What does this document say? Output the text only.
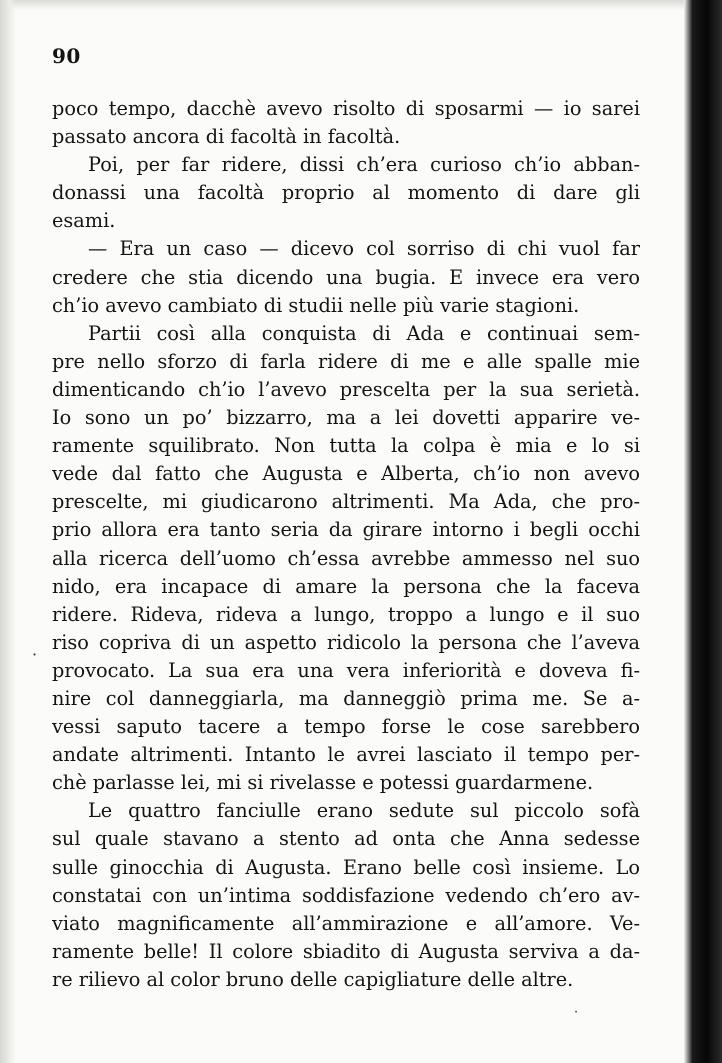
90
poco tempo, dacchè avevo risolto di sposarmi — io sarei
passato ancora di facoltà in facoltà.
Poi, per far ridere, dissi ch’era curioso ch’io abban-
donassi una facoltà proprio al momento di dare gli
esami.
— Era un caso — dicevo col sorriso di chi vuol far
credere che stia dicendo una bugia. E invece era vero
ch’io avevo cambiato di studii nelle più varie stagioni.
Partii così alla conquista di Ada e continuai sem-
pre nello sforzo di farla ridere di me e alle spalle mie
dimenticando ch’io l’avevo prescelta per la sua serietà.
Io sono un po’ bizzarro, ma a lei dovetti apparire ve-
ramente squilibrato. Non tutta la colpa è mia e lo si
vede dal fatto che Augusta e Alberta, ch’io non avevo
prescelte, mi giudicarono altrimenti. Ma Ada, che pro-
prio allora era tanto seria da girare intorno i begli occhi
alla ricerca dell’uomo ch’essa avrebbe ammesso nel suo
nido, era incapace di amare la persona che la faceva
ridere. Rideva, rideva a lungo, troppo a lungo e il suo
riso copriva di un aspetto ridicolo la persona che l’aveva
provocato. La sua era una vera inferiorità e doveva fi-
nire col danneggiarla, ma danneggiò prima me. Se a-
vessi saputo tacere a tempo forse le cose sarebbero
andate altrimenti. Intanto le avrei lasciato il tempo per-
chè parlasse lei, mi si rivelasse e potessi guardarmene.
Le quattro fanciulle erano sedute sul piccolo sofà
sul quale stavano a stento ad onta che Anna sedesse
sulle ginocchia di Augusta. Erano belle così insieme. Lo
constatai con un’intima soddisfazione vedendo ch’ero av-
viato magnificamente all’ammirazione e all’amore. Ve-
ramente belle! Il colore sbiadito di Augusta serviva a da-
re rilievo al color bruno delle capigliature delle altre.
·
·
